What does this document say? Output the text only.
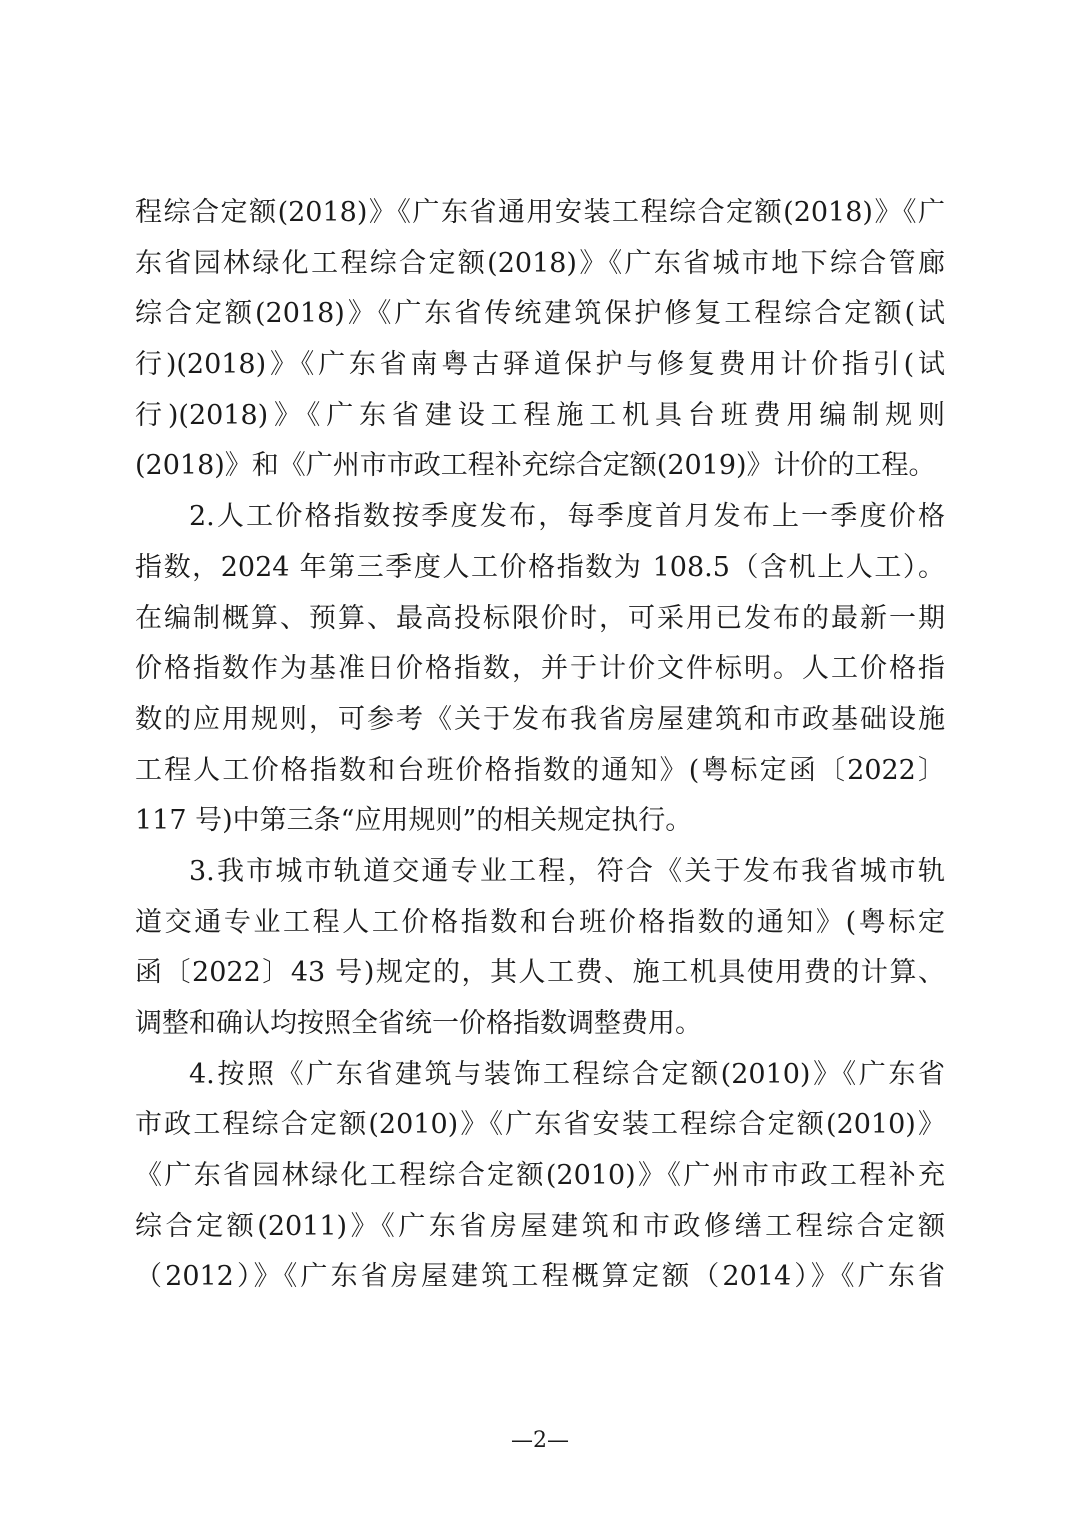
程综合定额(2018)》《广东省通用安装工程综合定额(2018)》《广
东省园林绿化工程综合定额(2018)》《广东省城市地下综合管廊
综合定额(2018)》《广东省传统建筑保护修复工程综合定额(试
行)(2018)》《广东省南粤古驿道保护与修复费用计价指引(试
行)(2018)》《广东省建设工程施工机具台班费用编制规则
(2018)》和《广州市市政工程补充综合定额(2019)》计价的工程。
2.人工价格指数按季度发布，每季度首月发布上一季度价格
指数，2024 年第三季度人工价格指数为 108.5（含机上人工）。
在编制概算、预算、最高投标限价时，可采用已发布的最新一期
价格指数作为基准日价格指数，并于计价文件标明。人工价格指
数的应用规则，可参考《关于发布我省房屋建筑和市政基础设施
工程人工价格指数和台班价格指数的通知》(粤标定函〔2022〕
117 号)中第三条“应用规则”的相关规定执行。
3.我市城市轨道交通专业工程，符合《关于发布我省城市轨
道交通专业工程人工价格指数和台班价格指数的通知》(粤标定
函〔2022〕43 号)规定的，其人工费、施工机具使用费的计算、
调整和确认均按照全省统一价格指数调整费用。
4.按照《广东省建筑与装饰工程综合定额(2010)》《广东省
市政工程综合定额(2010)》《广东省安装工程综合定额(2010)》
《广东省园林绿化工程综合定额(2010)》《广州市市政工程补充
综合定额(2011)》《广东省房屋建筑和市政修缮工程综合定额
（2012）》《广东省房屋建筑工程概算定额（2014）》《广东省
—2—
